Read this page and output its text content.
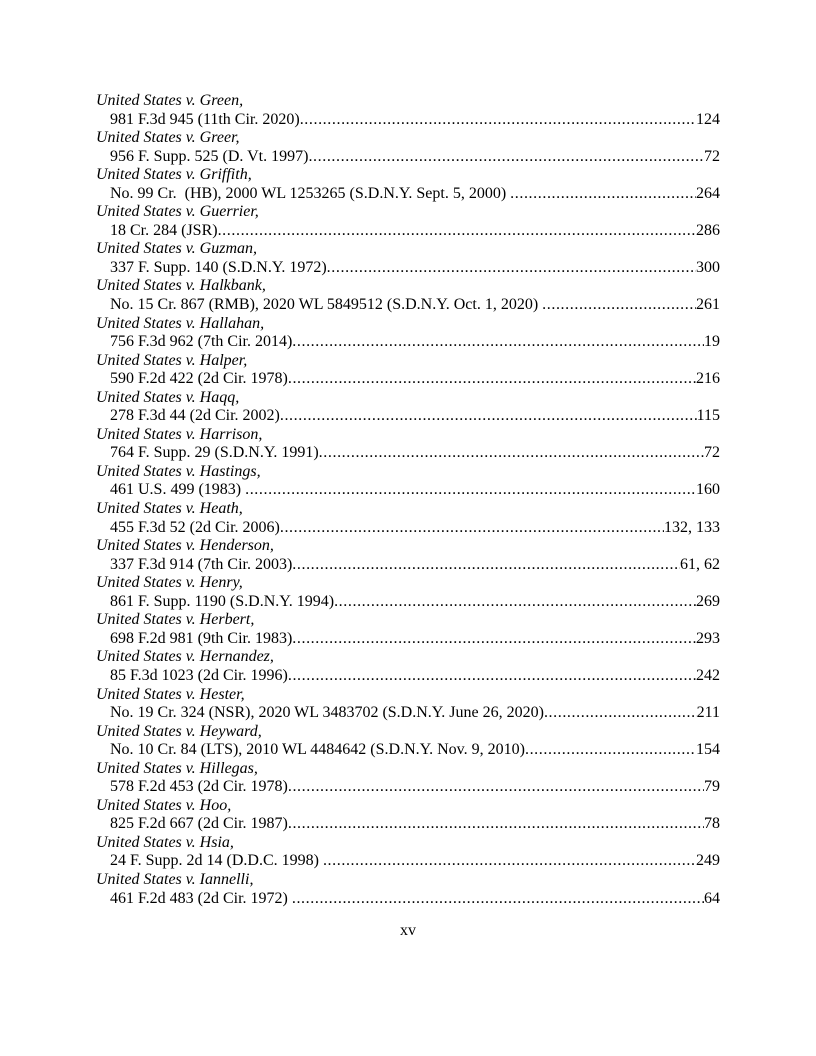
United States v. Green,
981 F.3d 945 (11th Cir. 2020) .....	124
United States v. Greer,
956 F. Supp. 525 (D. Vt. 1997) .....	72
United States v. Griffith,
No. 99 Cr.  (HB), 2000 WL 1253265 (S.D.N.Y. Sept. 5, 2000) .....	264
United States v. Guerrier,
18 Cr. 284 (JSR) .....	286
United States v. Guzman,
337 F. Supp. 140 (S.D.N.Y. 1972) .....	300
United States v. Halkbank,
No. 15 Cr. 867 (RMB), 2020 WL 5849512 (S.D.N.Y. Oct. 1, 2020) .....	261
United States v. Hallahan,
756 F.3d 962 (7th Cir. 2014) .....	19
United States v. Halper,
590 F.2d 422 (2d Cir. 1978) .....	216
United States v. Haqq,
278 F.3d 44 (2d Cir. 2002) .....	115
United States v. Harrison,
764 F. Supp. 29 (S.D.N.Y. 1991) .....	72
United States v. Hastings,
461 U.S. 499 (1983) .....	160
United States v. Heath,
455 F.3d 52 (2d Cir. 2006) .....	132, 133
United States v. Henderson,
337 F.3d 914 (7th Cir. 2003) .....	61, 62
United States v. Henry,
861 F. Supp. 1190 (S.D.N.Y. 1994) .....	269
United States v. Herbert,
698 F.2d 981 (9th Cir. 1983) .....	293
United States v. Hernandez,
85 F.3d 1023 (2d Cir. 1996) .....	242
United States v. Hester,
No. 19 Cr. 324 (NSR), 2020 WL 3483702 (S.D.N.Y. June 26, 2020) .....	211
United States v. Heyward,
No. 10 Cr. 84 (LTS), 2010 WL 4484642 (S.D.N.Y. Nov. 9, 2010) .....	154
United States v. Hillegas,
578 F.2d 453 (2d Cir. 1978) .....	79
United States v. Hoo,
825 F.2d 667 (2d Cir. 1987) .....	78
United States v. Hsia,
24 F. Supp. 2d 14 (D.D.C. 1998) .....	249
United States v. Iannelli,
461 F.2d 483 (2d Cir. 1972) .....	64
xv
